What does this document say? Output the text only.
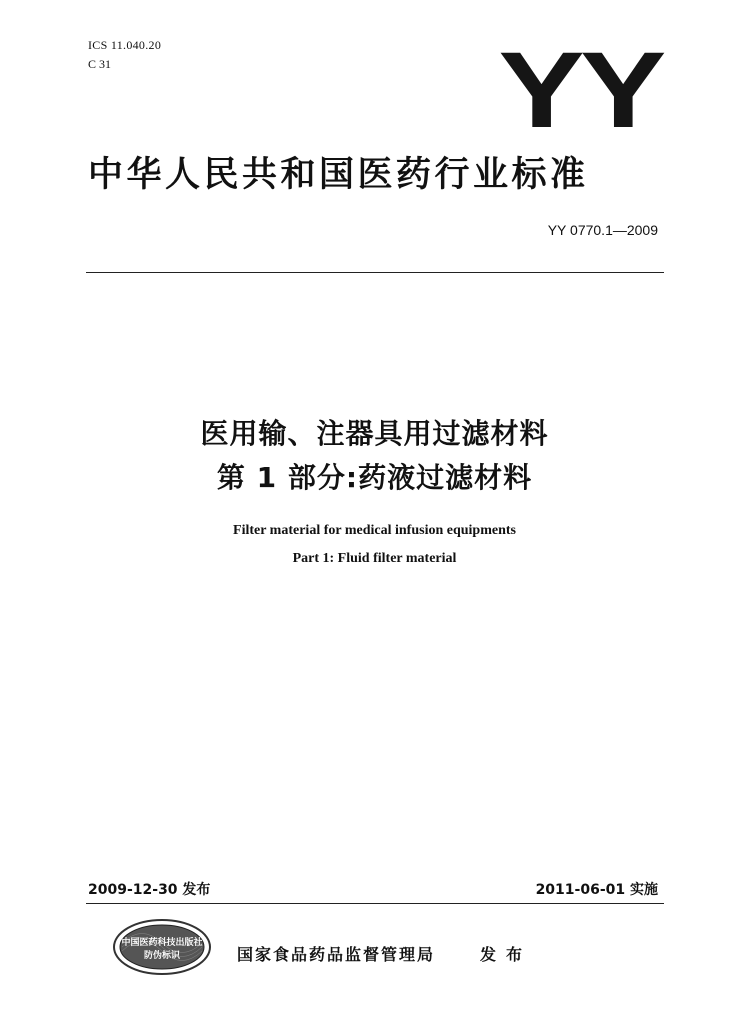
ICS 11.040.20
C 31	YY
中华人民共和国医药行业标准
YY 0770.1—2009
医用输、注器具用过滤材料
第 1 部分:药液过滤材料
Filter material for medical infusion equipments
Part 1: Fluid filter material
2009-12-30 发布	2011-06-01 实施
中国医药科技出版社
防伪标识	国家食品药品监督管理局	发布
